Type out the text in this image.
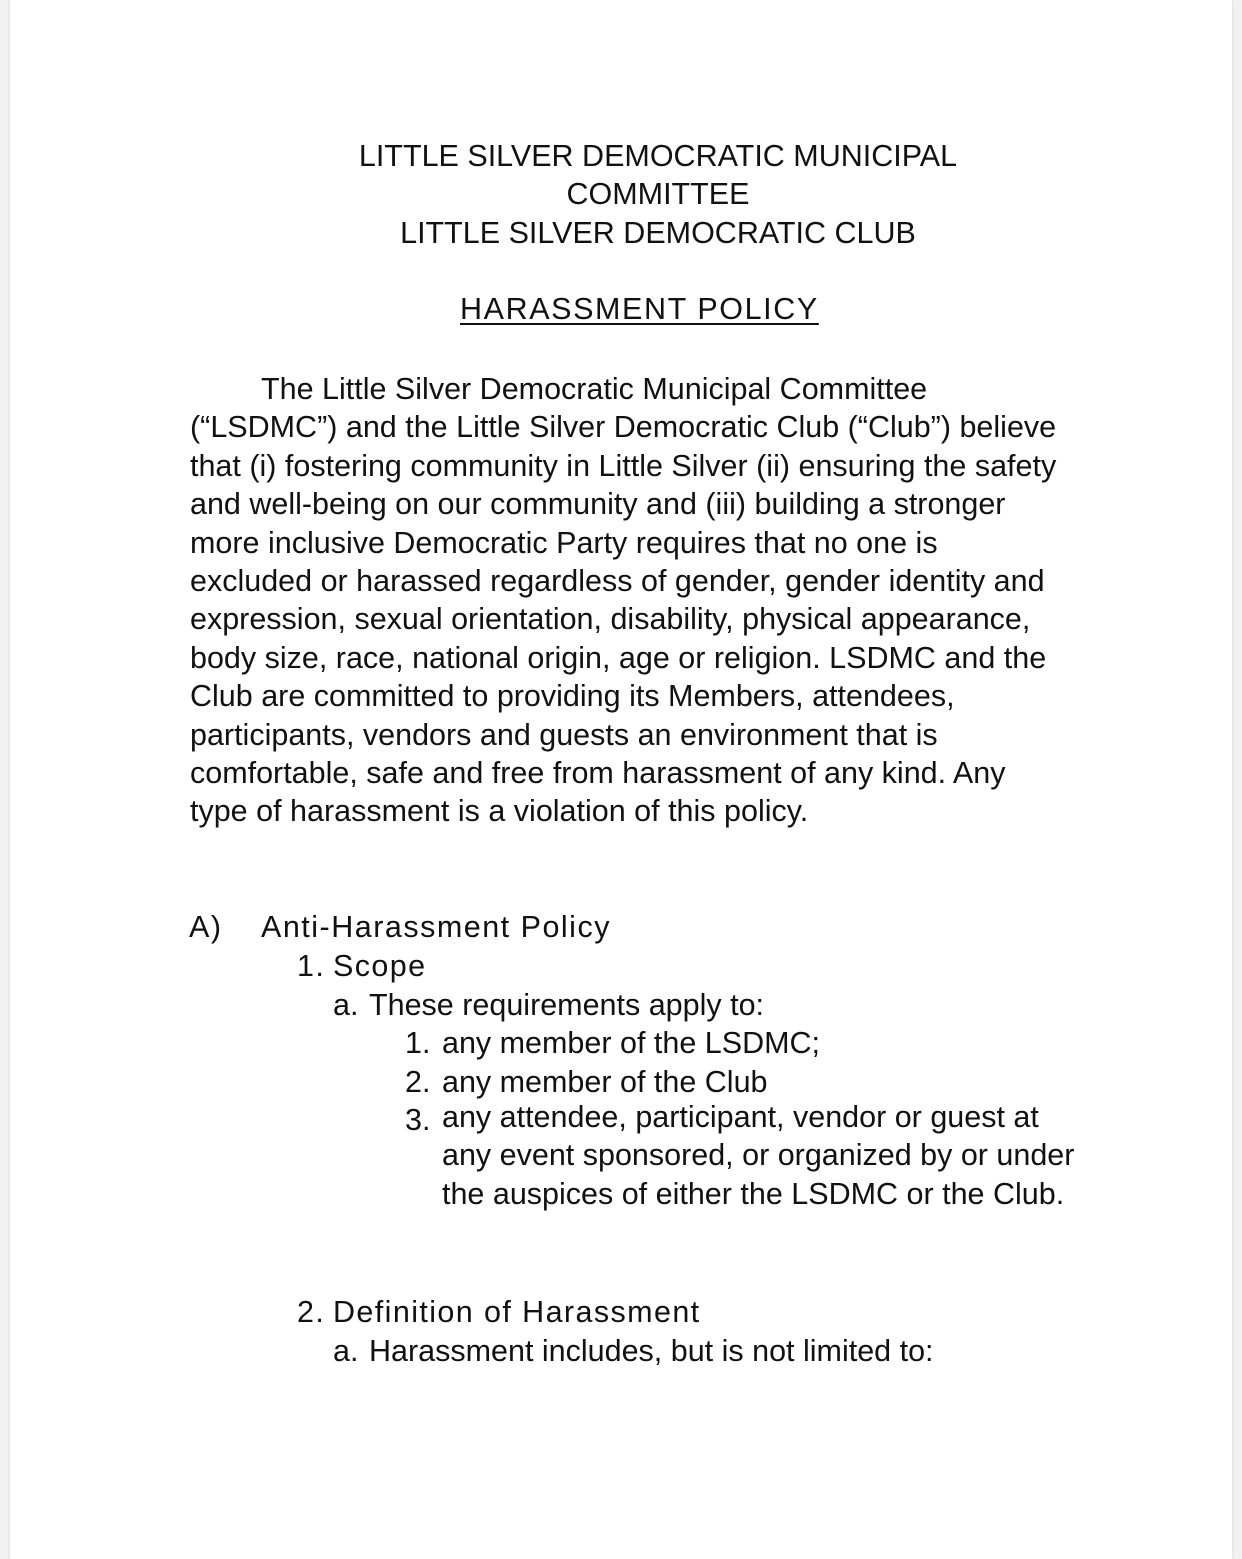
LITTLE SILVER DEMOCRATIC MUNICIPAL

COMMITTEE

LITTLE SILVER DEMOCRATIC CLUB

HARASSMENT POLICY

The Little Silver Democratic Municipal Committee (“LSDMC”) and the Little Silver Democratic Club (“Club”) believe that (i) fostering community in Little Silver (ii) ensuring the safety and well-being on our community and (iii) building a stronger more inclusive Democratic Party requires that no one is excluded or harassed regardless of gender, gender identity and expression, sexual orientation, disability, physical appearance, body size, race, national origin, age or religion. LSDMC and the Club are committed to providing its Members, attendees, participants, vendors and guests an environment that is comfortable, safe and free from harassment of any kind. Any type of harassment is a violation of this policy.

A) Anti-Harassment Policy

1. Scope

a. These requirements apply to:

1. any member of the LSDMC;

2. any member of the Club

3. any attendee, participant, vendor or guest at any event sponsored, or organized by or under the auspices of either the LSDMC or the Club.

2. Definition of Harassment

a. Harassment includes, but is not limited to:
